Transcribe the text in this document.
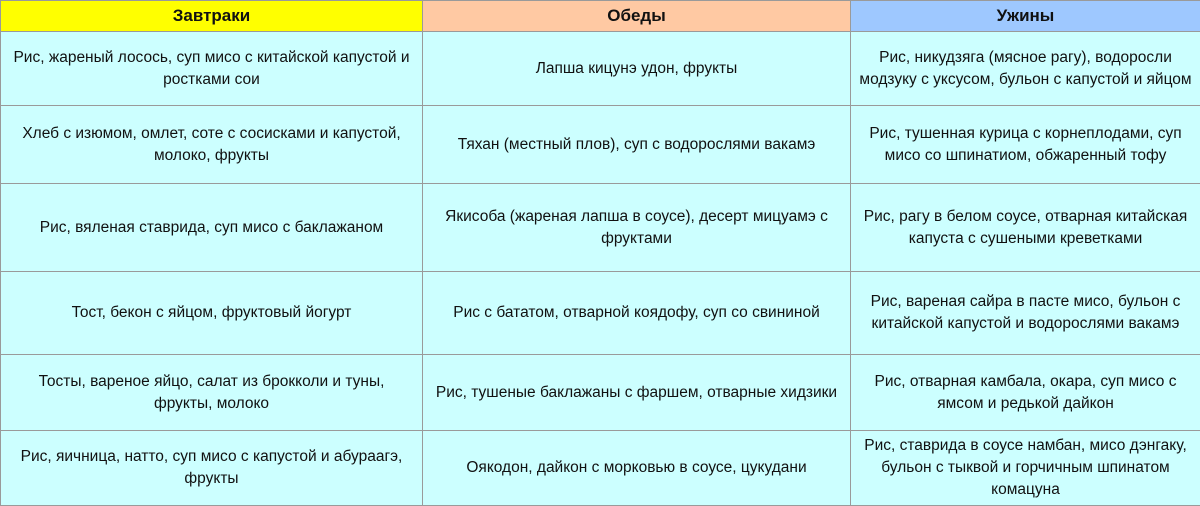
Завтраки	Обеды	Ужины
Рис, жареный лосось, суп мисо с китайской капустой и ростками сои	Лапша кицунэ удон, фрукты	Рис, никудзяга (мясное рагу), водоросли модзуку с уксусом, бульон с капустой и яйцом
Хлеб с изюмом, омлет, соте с сосисками и капустой, молоко, фрукты	Тяхан (местный плов), суп с водорослями вакамэ	Рис, тушенная курица с корнеплодами, суп мисо со шпинатиом, обжаренный тофу
Рис, вяленая ставрида, суп мисо с баклажаном	Якисоба (жареная лапша в соусе), десерт мицуамэ с фруктами	Рис, рагу в белом соусе, отварная китайская капуста с сушеными креветками
Тост, бекон с яйцом, фруктовый йогурт	Рис с бататом, отварной коядофу, суп со свининой	Рис, вареная сайра в пасте мисо, бульон с китайской капустой и водорослями вакамэ
Тосты, вареное яйцо, салат из брокколи и туны, фрукты, молоко	Рис, тушеные баклажаны с фаршем, отварные хидзики	Рис, отварная камбала, окара, суп мисо с ямсом и редькой дайкон
Рис, яичница, натто, суп мисо с капустой и абураагэ, фрукты	Оякодон, дайкон с морковью в соусе, цукудани	Рис, ставрида в соусе намбан, мисо дэнгаку, бульон с тыквой и горчичным шпинатом комацуна
